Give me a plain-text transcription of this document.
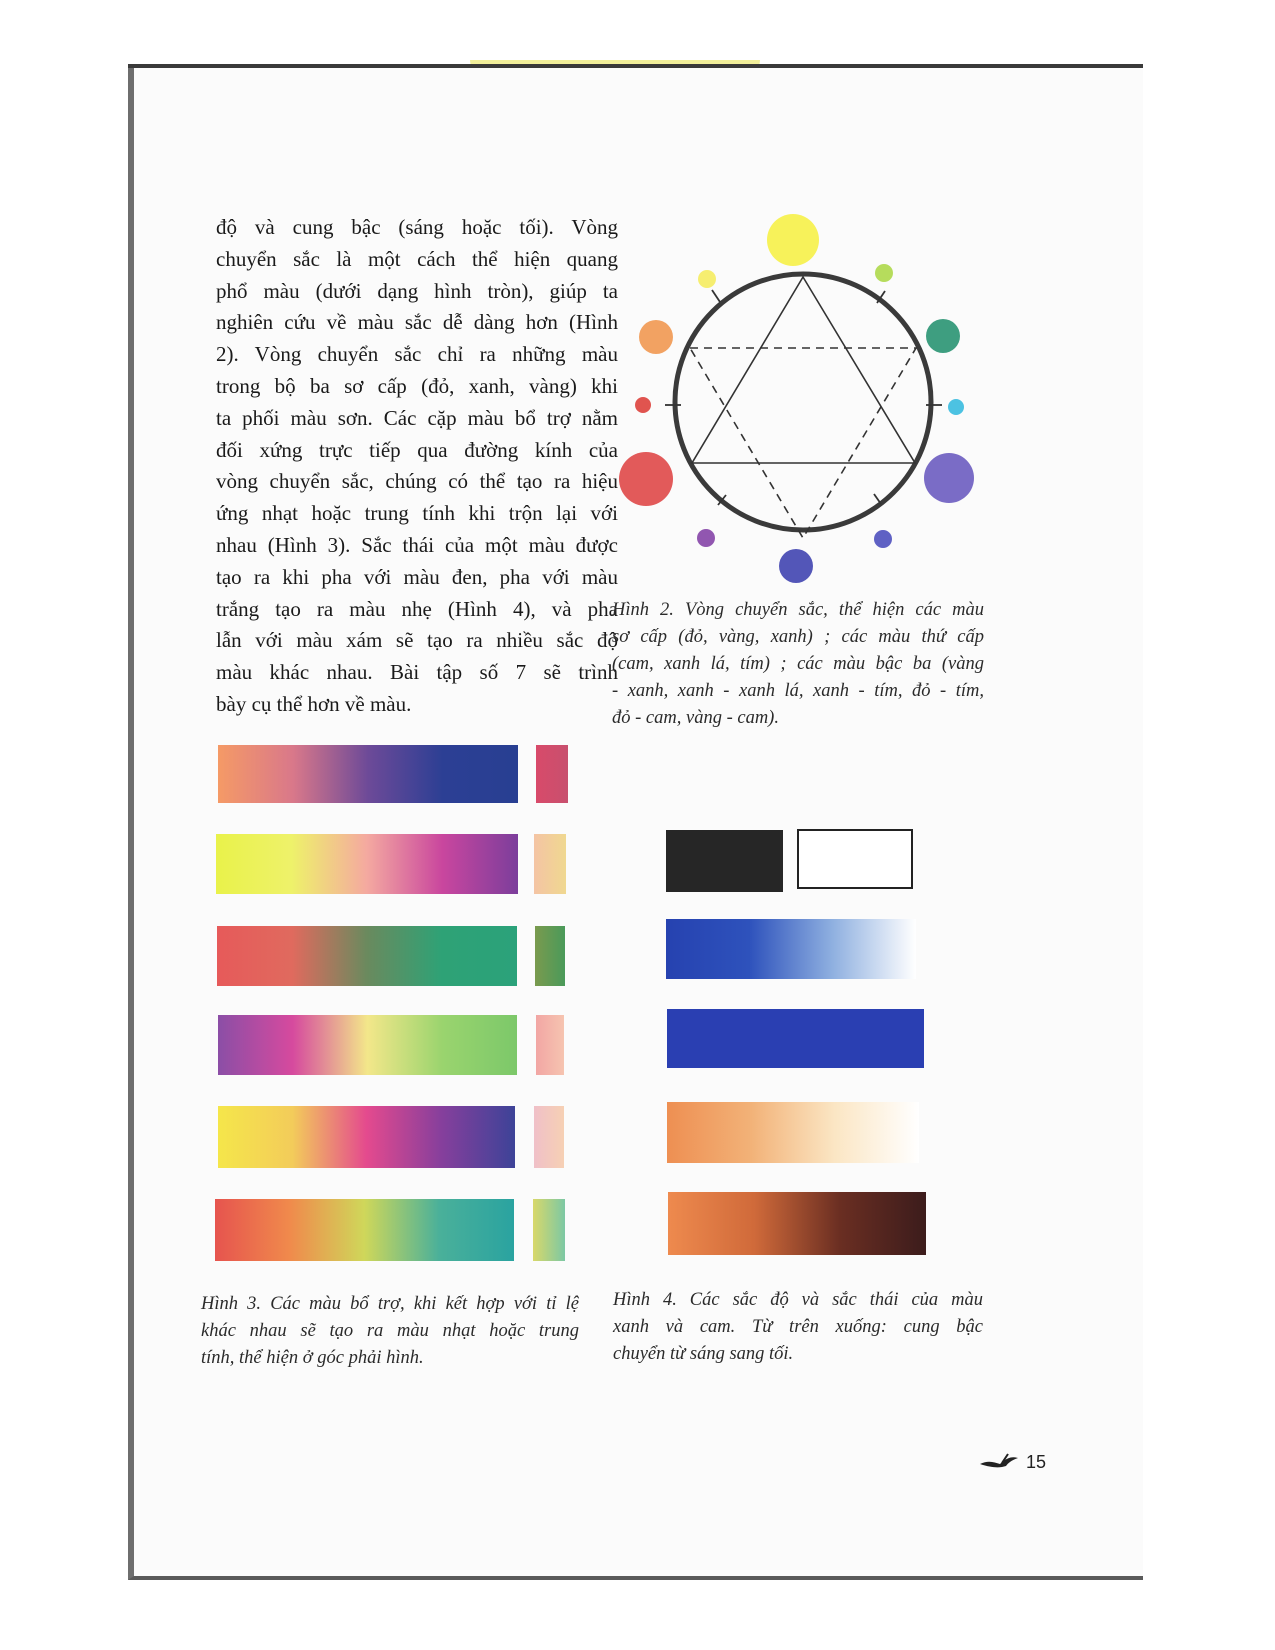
độ và cung bậc (sáng hoặc tối). Vòng
chuyển sắc là một cách thể hiện quang
phổ màu (dưới dạng hình tròn), giúp ta
nghiên cứu về màu sắc dễ dàng hơn (Hình
2). Vòng chuyển sắc chỉ ra những màu
trong bộ ba sơ cấp (đỏ, xanh, vàng) khi
ta phối màu sơn. Các cặp màu bổ trợ nằm
đối xứng trực tiếp qua đường kính của
vòng chuyển sắc, chúng có thể tạo ra hiệu
ứng nhạt hoặc trung tính khi trộn lại với
nhau (Hình 3). Sắc thái của một màu được
tạo ra khi pha với màu đen, pha với màu
trắng tạo ra màu nhẹ (Hình 4), và pha
lẫn với màu xám sẽ tạo ra nhiều sắc độ
màu khác nhau. Bài tập số 7 sẽ trình
bày cụ thể hơn về màu.
Hình 2. Vòng chuyển sắc, thể hiện các màu
sơ cấp (đỏ, vàng, xanh) ; các màu thứ cấp
(cam, xanh lá, tím) ; các màu bậc ba (vàng
- xanh, xanh - xanh lá, xanh - tím, đỏ - tím,
đỏ - cam, vàng - cam).
Hình 3. Các màu bổ trợ, khi kết hợp với tỉ lệ
khác nhau sẽ tạo ra màu nhạt hoặc trung
tính, thể hiện ở góc phải hình.
Hình 4. Các sắc độ và sắc thái của màu
xanh và cam. Từ trên xuống: cung bậc
chuyển từ sáng sang tối.
15
